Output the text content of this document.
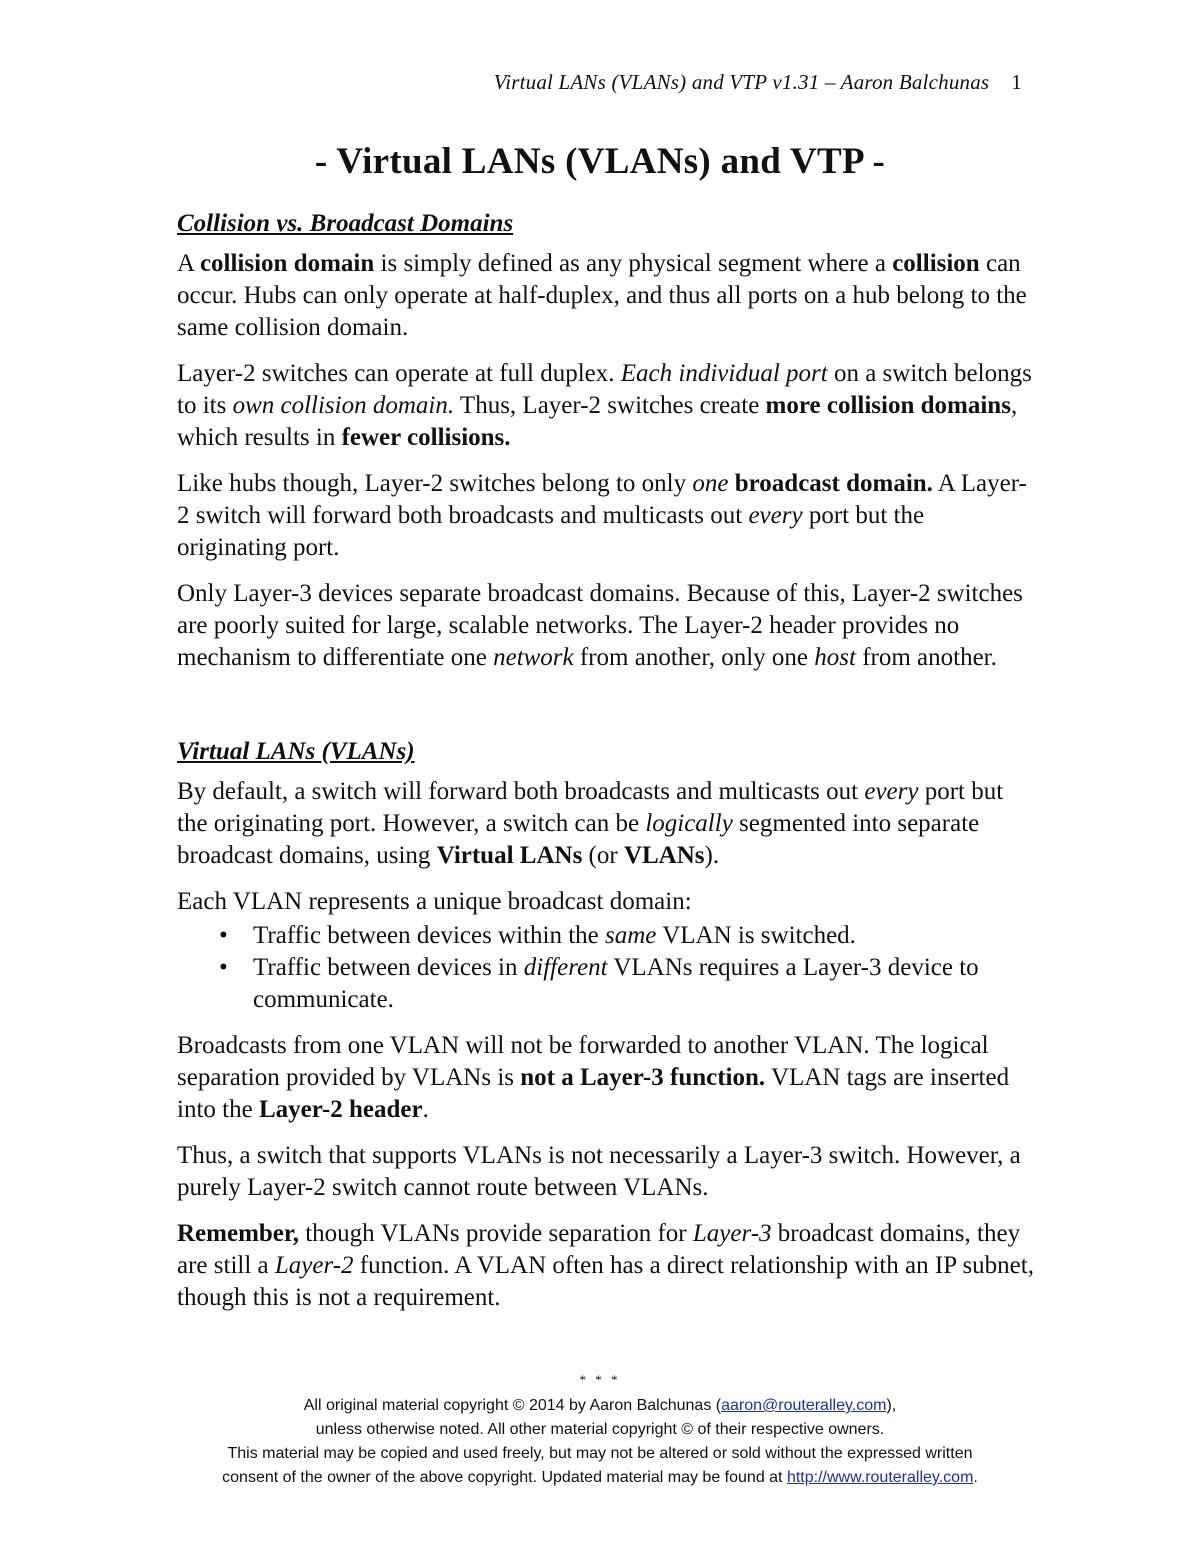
Virtual LANs (VLANs) and VTP v1.31 – Aaron Balchunas 1
- Virtual LANs (VLANs) and VTP -
Collision vs. Broadcast Domains

A collision domain is simply defined as any physical segment where a collision can occur. Hubs can only operate at half-duplex, and thus all ports on a hub belong to the same collision domain.

Layer-2 switches can operate at full duplex. Each individual port on a switch belongs to its own collision domain. Thus, Layer-2 switches create more collision domains, which results in fewer collisions.

Like hubs though, Layer-2 switches belong to only one broadcast domain. A Layer-2 switch will forward both broadcasts and multicasts out every port but the originating port.

Only Layer-3 devices separate broadcast domains. Because of this, Layer-2 switches are poorly suited for large, scalable networks. The Layer-2 header provides no mechanism to differentiate one network from another, only one host from another.

Virtual LANs (VLANs)

By default, a switch will forward both broadcasts and multicasts out every port but the originating port. However, a switch can be logically segmented into separate broadcast domains, using Virtual LANs (or VLANs).

Each VLAN represents a unique broadcast domain:

• Traffic between devices within the same VLAN is switched.
• Traffic between devices in different VLANs requires a Layer-3 device to communicate.

Broadcasts from one VLAN will not be forwarded to another VLAN. The logical separation provided by VLANs is not a Layer-3 function. VLAN tags are inserted into the Layer-2 header.

Thus, a switch that supports VLANs is not necessarily a Layer-3 switch. However, a purely Layer-2 switch cannot route between VLANs.

Remember, though VLANs provide separation for Layer-3 broadcast domains, they are still a Layer-2 function. A VLAN often has a direct relationship with an IP subnet, though this is not a requirement.

* * *
All original material copyright © 2014 by Aaron Balchunas (aaron@routeralley.com),
unless otherwise noted. All other material copyright © of their respective owners.
This material may be copied and used freely, but may not be altered or sold without the expressed written
consent of the owner of the above copyright. Updated material may be found at http://www.routeralley.com.
